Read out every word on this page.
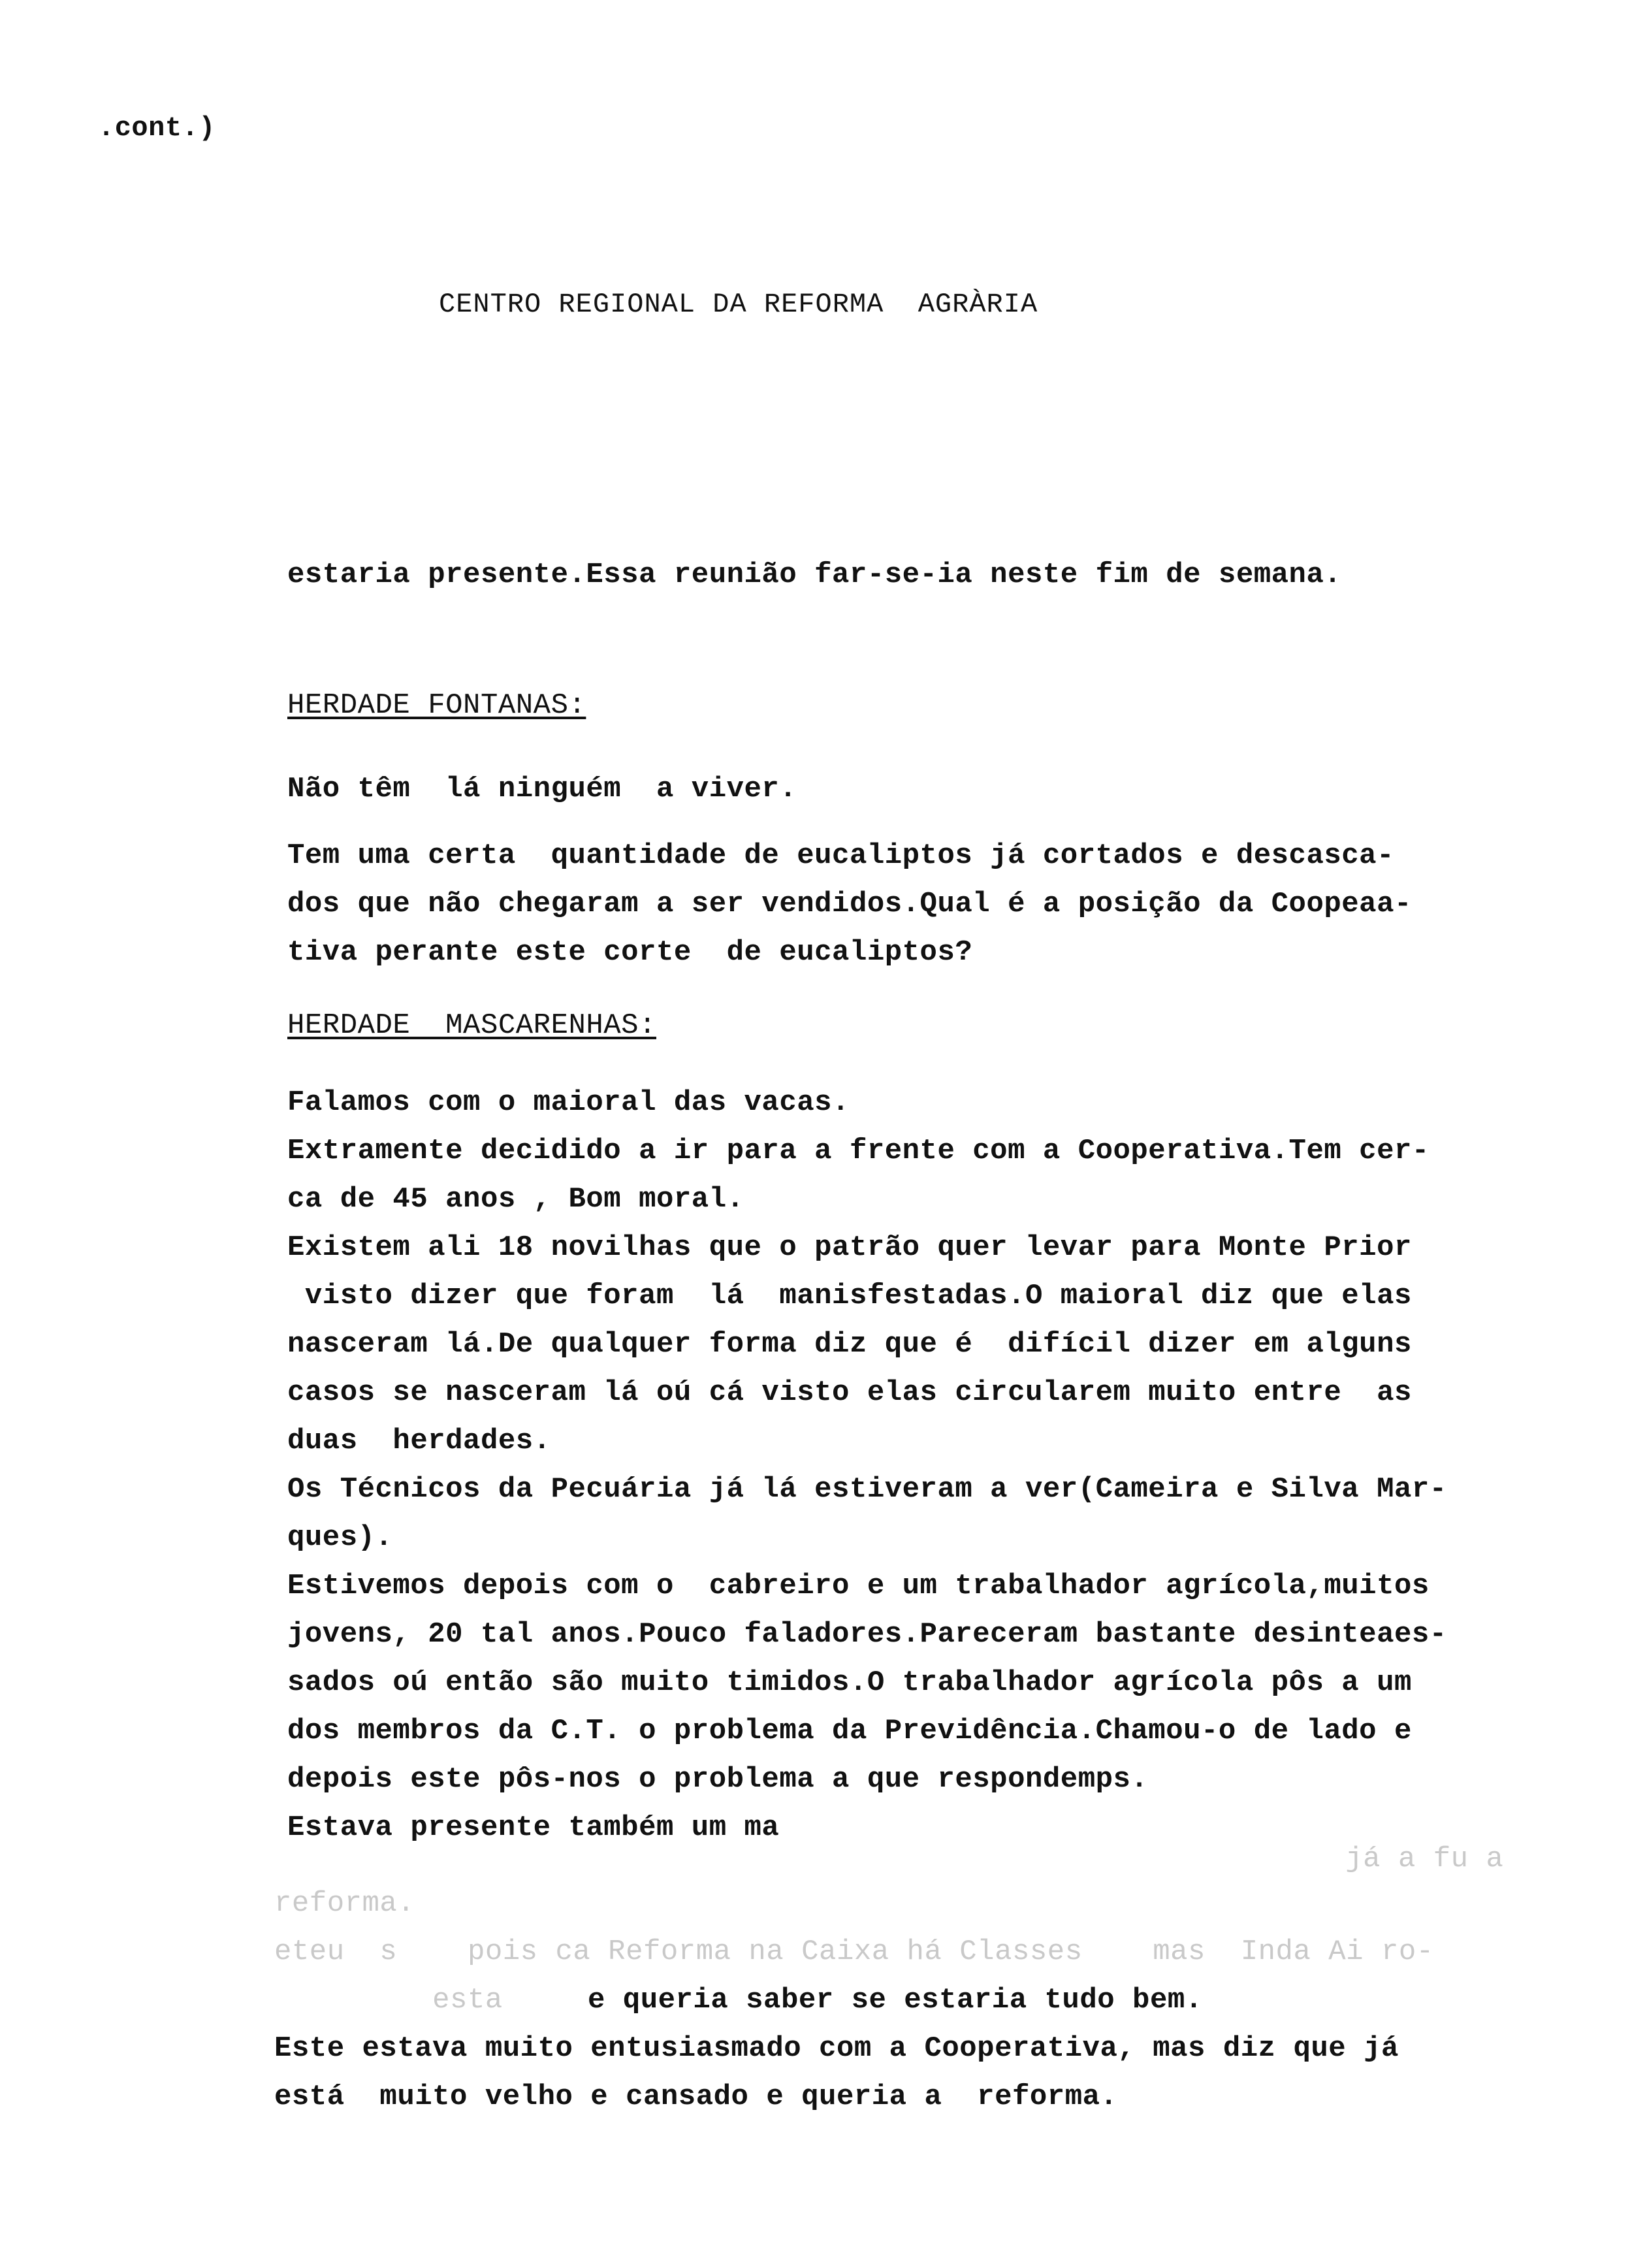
.cont.)
CENTRO REGIONAL DA REFORMA  AGRÀRIA
estaria presente.Essa reunião far-se-ia neste fim de semana.
HERDADE FONTANAS:
Não têm  lá ninguém  a viver.
Tem uma certa  quantidade de eucaliptos já cortados e descasca-
dos que não chegaram a ser vendidos.Qual é a posição da Coopeaa-
tiva perante este corte  de eucaliptos?
HERDADE  MASCARENHAS:
Falamos com o maioral das vacas.
Extramente decidido a ir para a frente com a Cooperativa.Tem cer-
ca de 45 anos , Bom moral.
Existem ali 18 novilhas que o patrão quer levar para Monte Prior
visto dizer que foram  lá  manisfestadas.O maioral diz que elas
nasceram lá.De qualquer forma diz que é  difícil dizer em alguns
casos se nasceram lá oú cá visto elas circularem muito entre  as
duas  herdades.
Os Técnicos da Pecuária já lá estiveram a ver(Cameira e Silva Mar-
ques).
Estivemos depois com o  cabreiro e um trabalhador agrícola,muitos
jovens, 20 tal anos.Pouco faladores.Pareceram bastante desinteaes-
sados oú então são muito timidos.O trabalhador agrícola pôs a um
dos membros da C.T. o problema da Previdência.Chamou-o de lado e
depois este pôs-nos o problema a que respondemps.
Estava presente também um ma
já a fu a
reforma.
eteu  s    pois ca Reforma na Caixa há Classes    mas  Inda Ai ro-
esta	e queria saber se estaria tudo bem.
Este estava muito entusiasmado com a Cooperativa, mas diz que já
está  muito velho e cansado e queria a  reforma.
